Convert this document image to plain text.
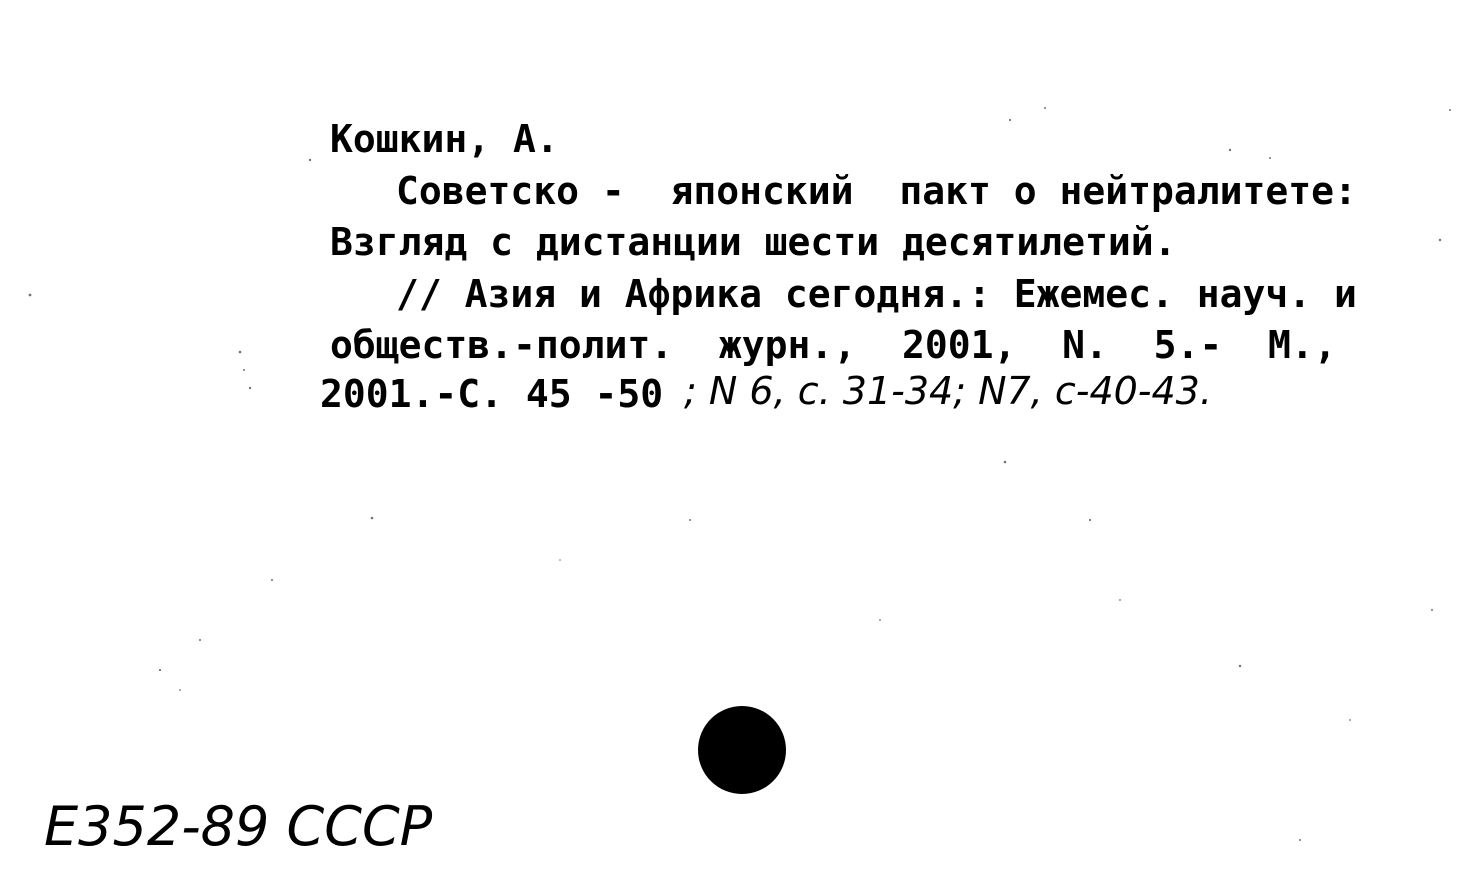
Кошкин, А.
Советско -  японский  пакт о нейтралитете:
Взгляд с дистанции шести десятилетий.
// Азия и Африка сегодня.: Ежемес. науч. и
обществ.-полит.  журн.,  2001,  N.  5.-  М.,
2001.-С. 45 -50 ; N 6, с. 31-34; N7, с-40-43.
Е352-89 СССР
